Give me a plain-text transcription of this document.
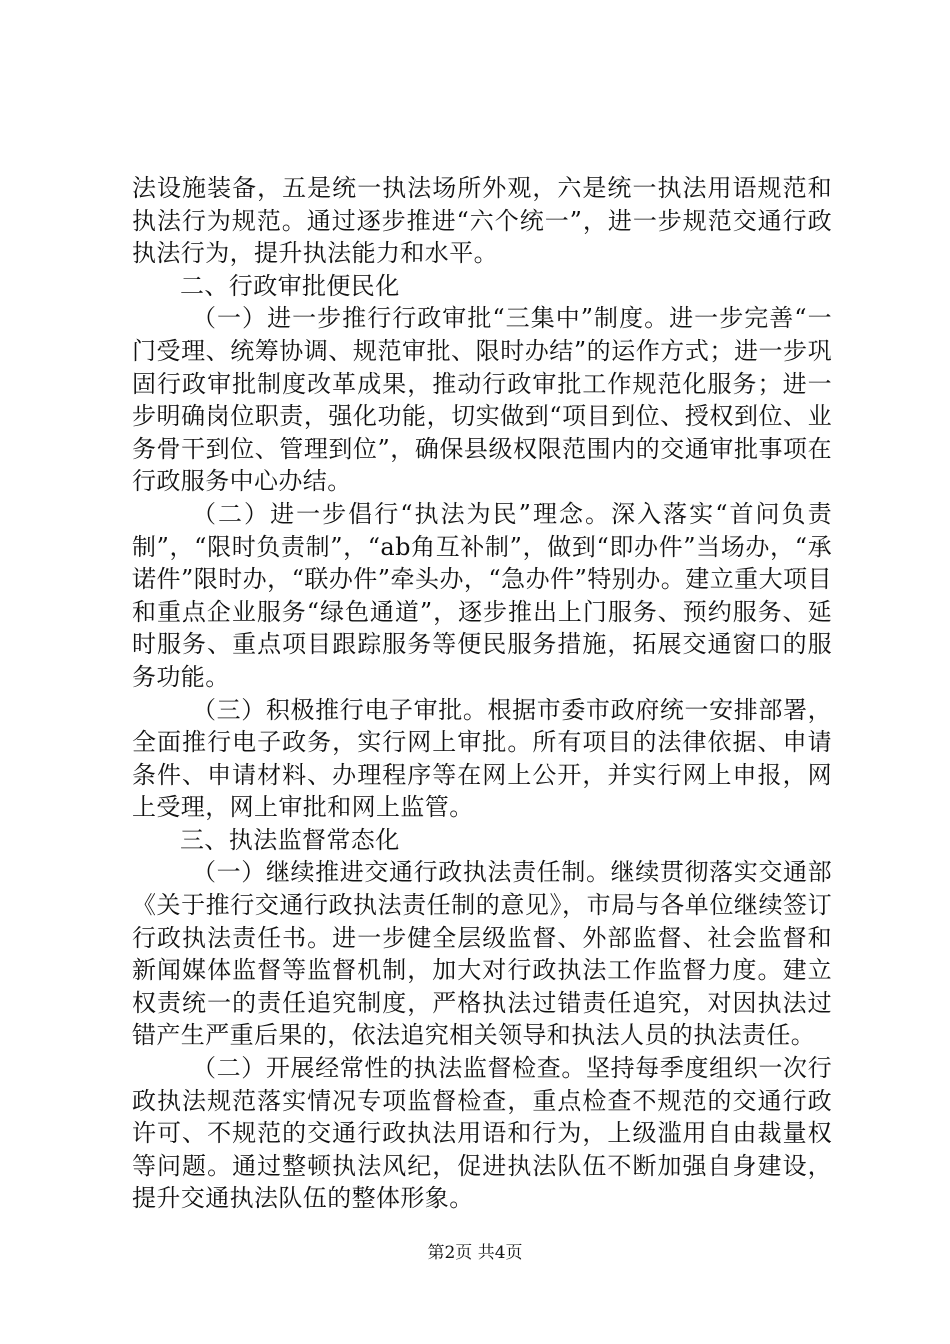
法设施装备，五是统一执法场所外观，六是统一执法用语规范和执法行为规范。通过逐步推进“六个统一”，进一步规范交通行政执法行为，提升执法能力和水平。

二、行政审批便民化

（一）进一步推行行政审批“三集中”制度。进一步完善“一门受理、统筹协调、规范审批、限时办结”的运作方式；进一步巩固行政审批制度改革成果，推动行政审批工作规范化服务；进一步明确岗位职责，强化功能，切实做到“项目到位、授权到位、业务骨干到位、管理到位”，确保县级权限范围内的交通审批事项在行政服务中心办结。

（二）进一步倡行“执法为民”理念。深入落实“首问负责制”，“限时负责制”，“ab角互补制”，做到“即办件”当场办，“承诺件”限时办，“联办件”牵头办，“急办件”特别办。建立重大项目和重点企业服务“绿色通道”，逐步推出上门服务、预约服务、延时服务、重点项目跟踪服务等便民服务措施，拓展交通窗口的服务功能。

（三）积极推行电子审批。根据市委市政府统一安排部署，全面推行电子政务，实行网上审批。所有项目的法律依据、申请条件、申请材料、办理程序等在网上公开，并实行网上申报，网上受理，网上审批和网上监管。

三、执法监督常态化

（一）继续推进交通行政执法责任制。继续贯彻落实交通部《关于推行交通行政执法责任制的意见》，市局与各单位继续签订行政执法责任书。进一步健全层级监督、外部监督、社会监督和新闻媒体监督等监督机制，加大对行政执法工作监督力度。建立权责统一的责任追究制度，严格执法过错责任追究，对因执法过错产生严重后果的，依法追究相关领导和执法人员的执法责任。

（二）开展经常性的执法监督检查。坚持每季度组织一次行政执法规范落实情况专项监督检查，重点检查不规范的交通行政许可、不规范的交通行政执法用语和行为，上级滥用自由裁量权等问题。通过整顿执法风纪，促进执法队伍不断加强自身建设，提升交通执法队伍的整体形象。

第2页 共4页
